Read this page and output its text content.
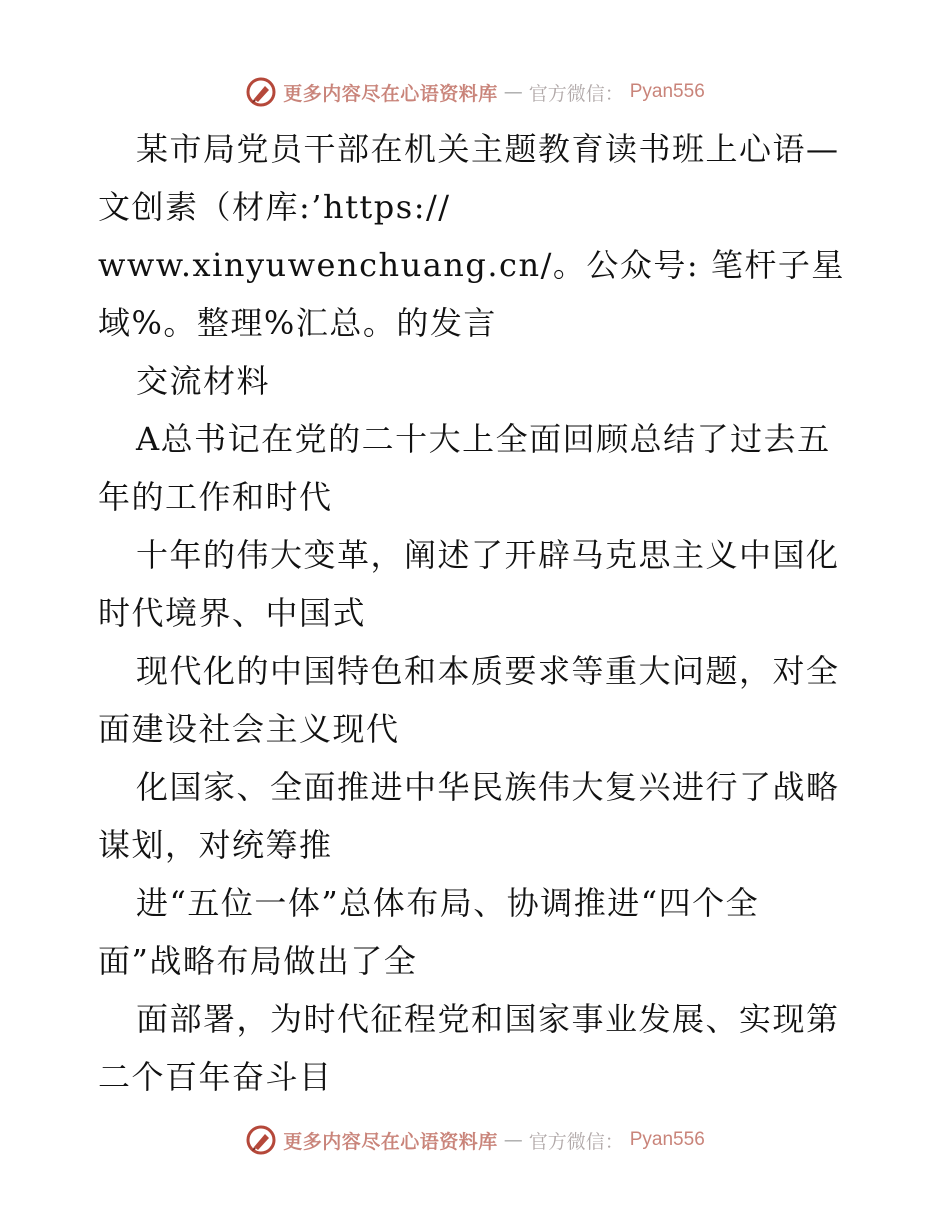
更多内容尽在心语资料库 — 官方微信： Pyan556
某市局党员干部在机关主题教育读书班上心语—
文创素（材库:’https://
www.xinyuwenchuang.cn/。公众号: 笔杆子星
域%。整理%汇总。的发言
交流材料
A总书记在党的二十大上全面回顾总结了过去五
年的工作和时代
十年的伟大变革，阐述了开辟马克思主义中国化
时代境界、中国式
现代化的中国特色和本质要求等重大问题，对全
面建设社会主义现代
化国家、全面推进中华民族伟大复兴进行了战略
谋划，对统筹推
进“五位一体”总体布局、协调推进“四个全
面”战略布局做出了全
面部署，为时代征程党和国家事业发展、实现第
二个百年奋斗目
更多内容尽在心语资料库 — 官方微信： Pyan556
